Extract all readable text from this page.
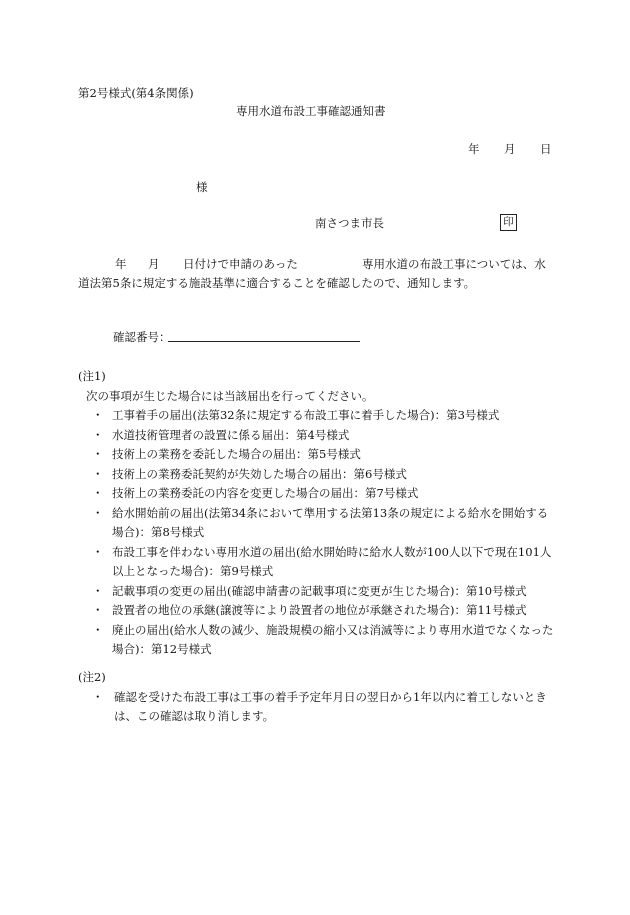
第2号様式(第4条関係)
専用水道布設工事確認通知書
年 月 日
様
南さつま市長	印
年 月 日付けで申請のあった	専用水道の布設工事については、水
道法第5条に規定する施設基準に適合することを確認したので、通知します。
確認番号：
(注1)
次の事項が生じた場合には当該届出を行ってください。
・ 工事着手の届出(法第32条に規定する布設工事に着手した場合)：第3号様式
・ 水道技術管理者の設置に係る届出：第4号様式
・ 技術上の業務を委託した場合の届出：第5号様式
・ 技術上の業務委託契約が失効した場合の届出：第6号様式
・ 技術上の業務委託の内容を変更した場合の届出：第7号様式
・ 給水開始前の届出(法第34条において準用する法第13条の規定による給水を開始する場合)：第8号様式
・ 布設工事を伴わない専用水道の届出(給水開始時に給水人数が100人以下で現在101人以上となった場合)：第9号様式
・ 記載事項の変更の届出(確認申請書の記載事項に変更が生じた場合)：第10号様式
・ 設置者の地位の承継(譲渡等により設置者の地位が承継された場合)：第11号様式
・ 廃止の届出(給水人数の減少、施設規模の縮小又は消滅等により専用水道でなくなった場合)：第12号様式
(注2)
・ 確認を受けた布設工事は工事の着手予定年月日の翌日から1年以内に着工しないときは、この確認は取り消します。
